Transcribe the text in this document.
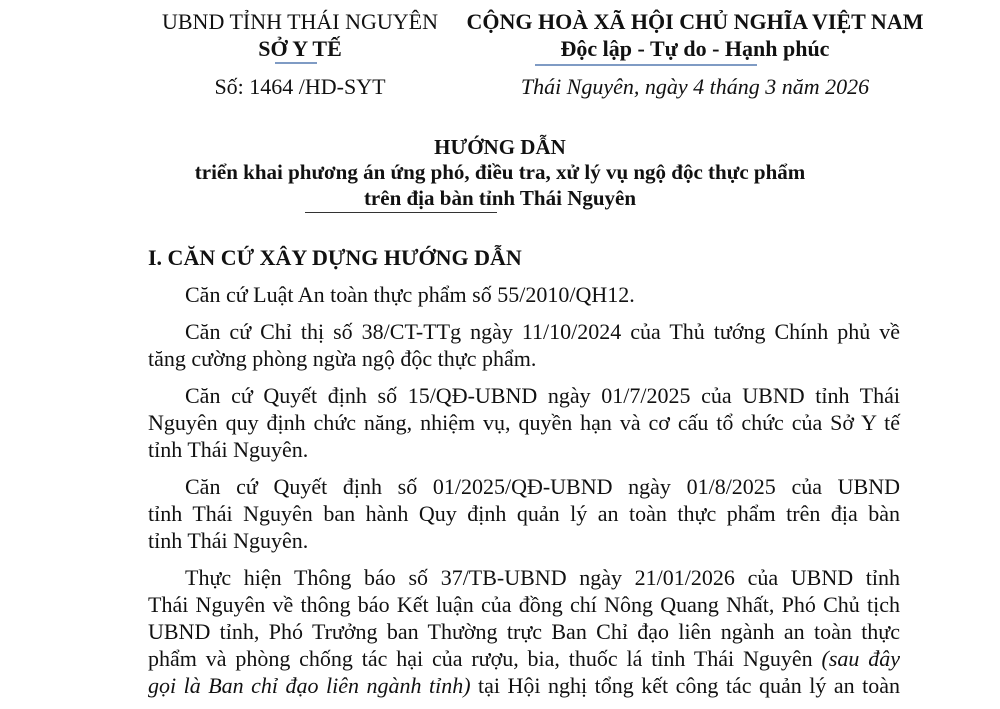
UBND TỈNH THÁI NGUYÊN
SỞ Y TẾ
Số: 1464 /HD-SYT
CỘNG HOÀ XÃ HỘI CHỦ NGHĨA VIỆT NAM
Độc lập - Tự do - Hạnh phúc
Thái Nguyên, ngày 4 tháng 3 năm 2026
HƯỚNG DẪN
triển khai phương án ứng phó, điều tra, xử lý vụ ngộ độc thực phẩm
trên địa bàn tỉnh Thái Nguyên
I. CĂN CỨ XÂY DỰNG HƯỚNG DẪN
Căn cứ Luật An toàn thực phẩm số 55/2010/QH12.
Căn cứ Chỉ thị số 38/CT-TTg ngày 11/10/2024 của Thủ tướng Chính phủ về
tăng cường phòng ngừa ngộ độc thực phẩm.
Căn cứ Quyết định số 15/QĐ-UBND ngày 01/7/2025 của UBND tỉnh Thái
Nguyên quy định chức năng, nhiệm vụ, quyền hạn và cơ cấu tổ chức của Sở Y tế
tỉnh Thái Nguyên.
Căn cứ Quyết định số 01/2025/QĐ-UBND ngày 01/8/2025 của UBND
tỉnh Thái Nguyên ban hành Quy định quản lý an toàn thực phẩm trên địa bàn
tỉnh Thái Nguyên.
Thực hiện Thông báo số 37/TB-UBND ngày 21/01/2026 của UBND tỉnh
Thái Nguyên về thông báo Kết luận của đồng chí Nông Quang Nhất, Phó Chủ tịch
UBND tỉnh, Phó Trưởng ban Thường trực Ban Chỉ đạo liên ngành an toàn thực
phẩm và phòng chống tác hại của rượu, bia, thuốc lá tỉnh Thái Nguyên (sau đây
gọi là Ban chỉ đạo liên ngành tỉnh) tại Hội nghị tổng kết công tác quản lý an toàn
